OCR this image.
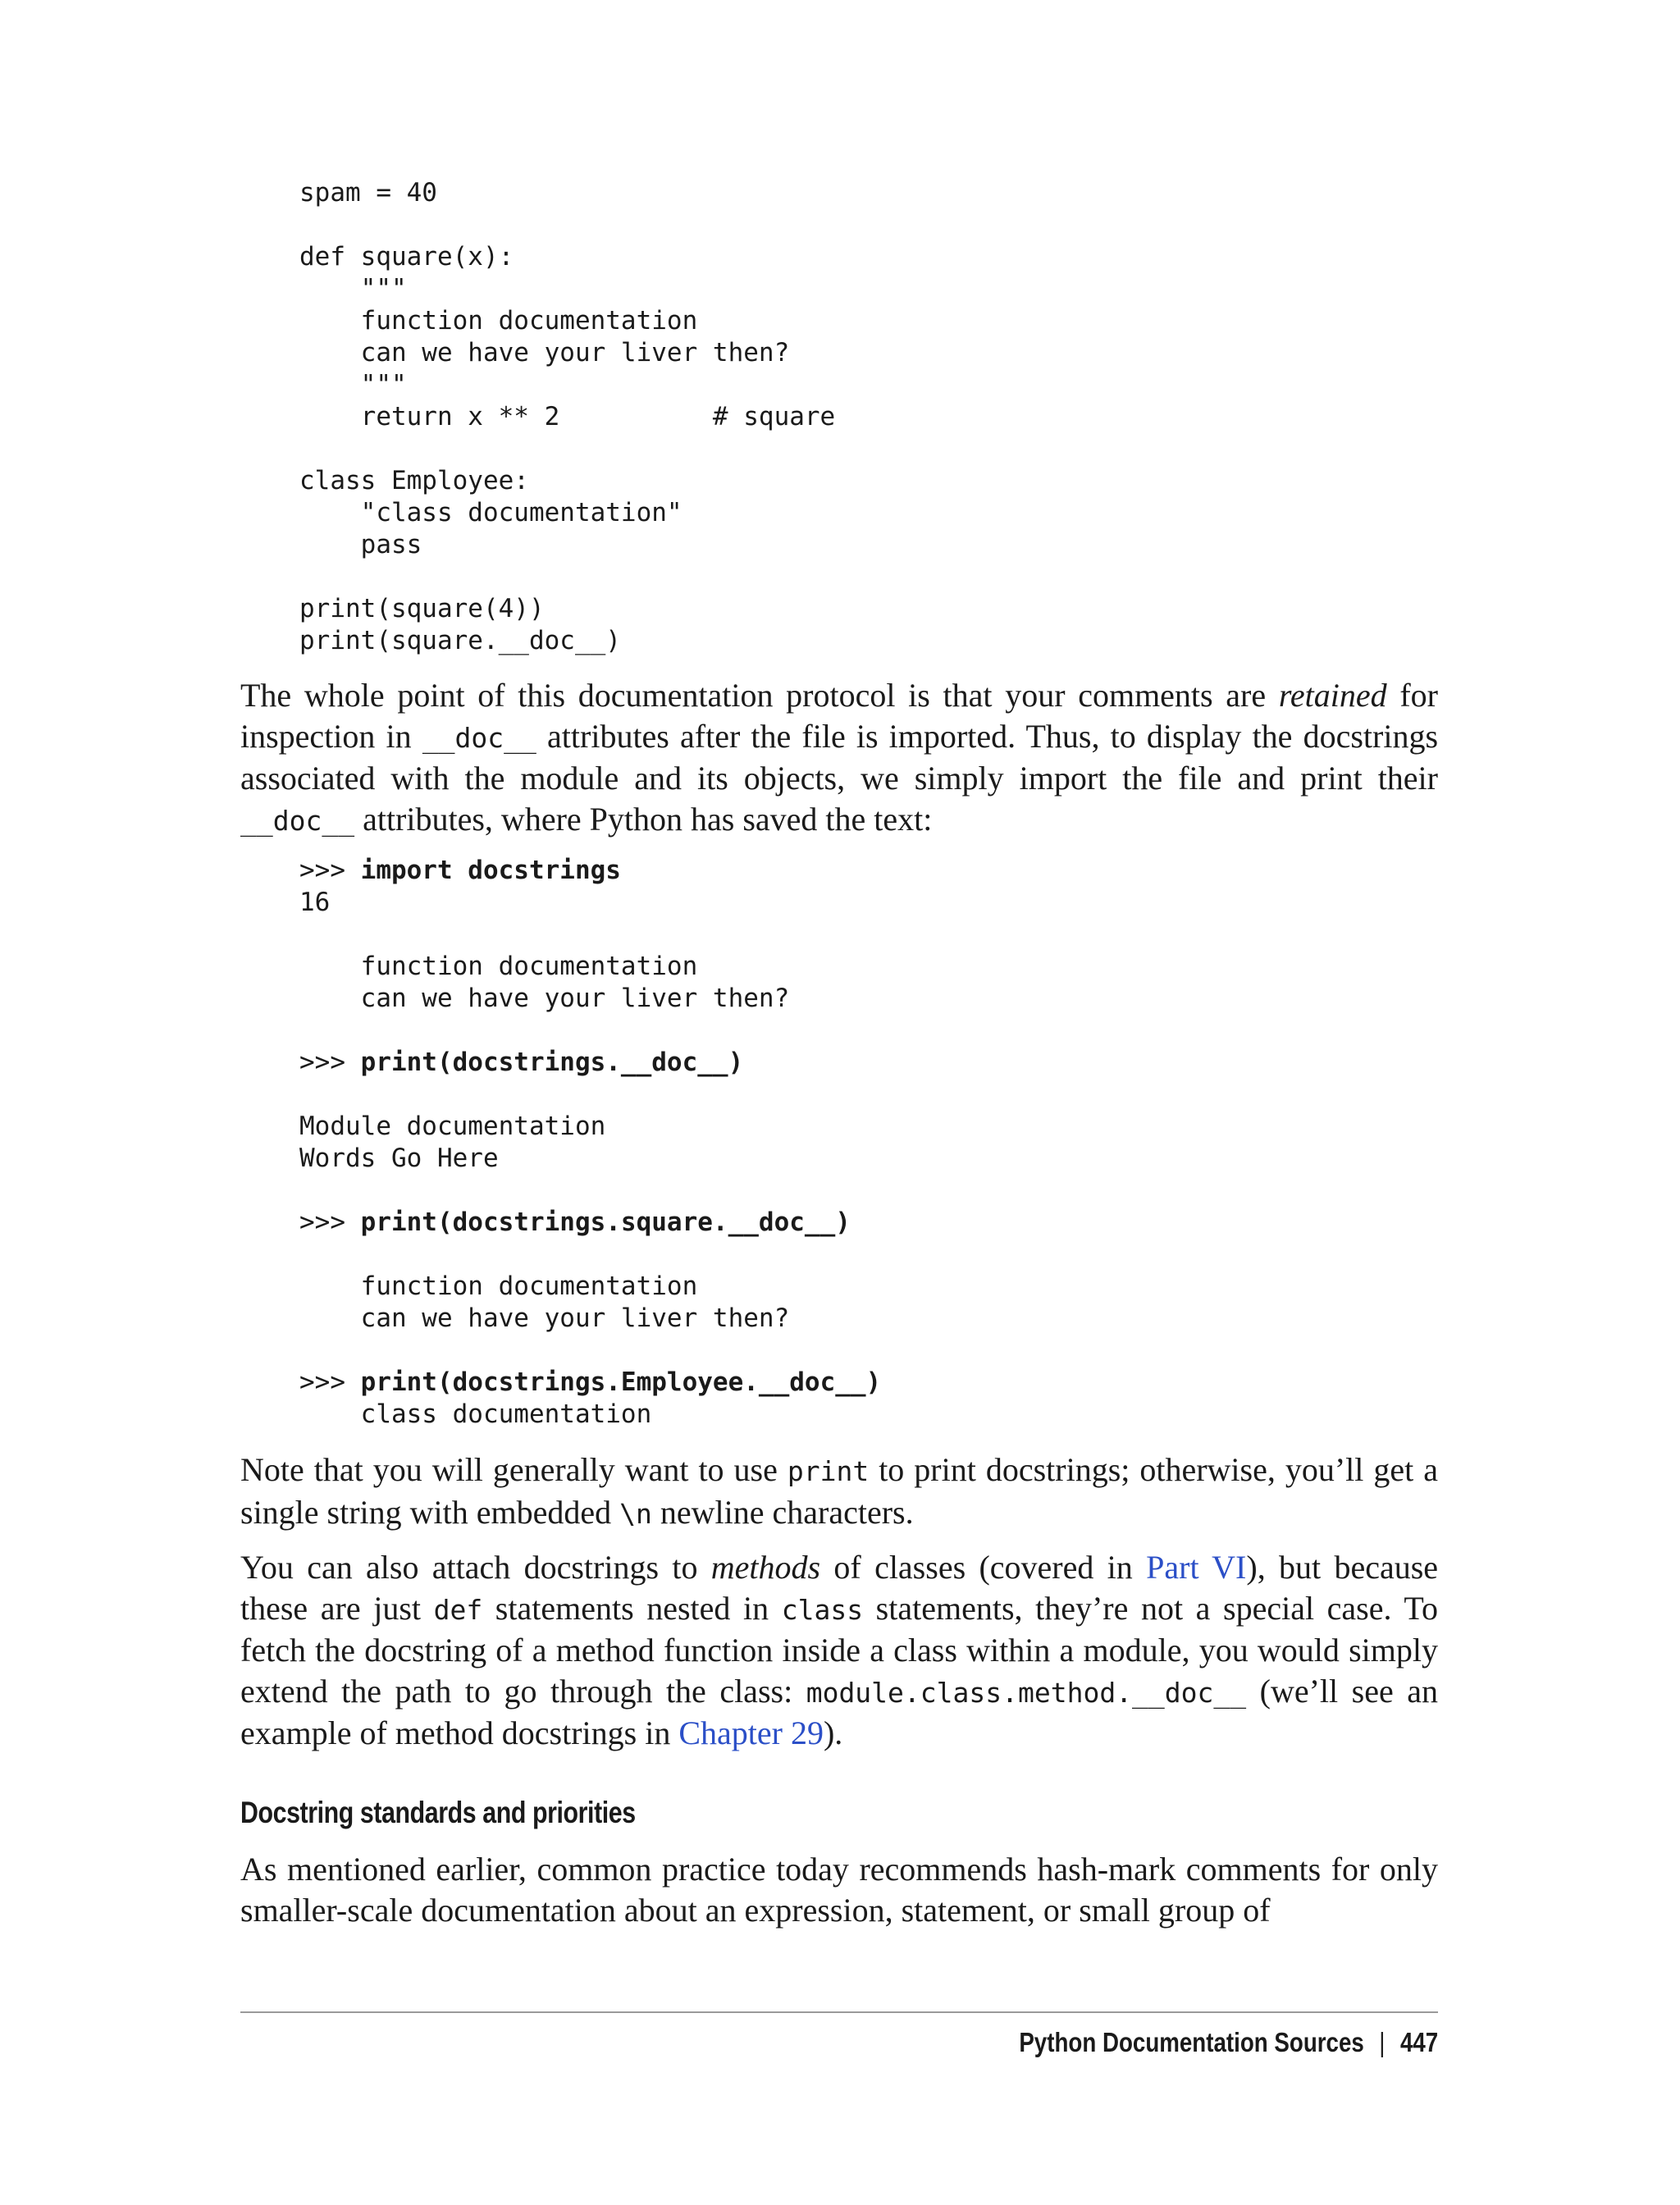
spam = 40
def square(x):
"""
function documentation
can we have your liver then?
"""
return x ** 2          # square
class Employee:
"class documentation"
pass
print(square(4))
print(square.__doc__)

The whole point of this documentation protocol is that your comments are retained for inspection in __doc__ attributes after the file is imported. Thus, to display the docstrings associated with the module and its objects, we simply import the file and print their __doc__ attributes, where Python has saved the text:

>>> import docstrings
16
function documentation
can we have your liver then?
>>> print(docstrings.__doc__)
Module documentation
Words Go Here
>>> print(docstrings.square.__doc__)
function documentation
can we have your liver then?
>>> print(docstrings.Employee.__doc__)
class documentation

Note that you will generally want to use print to print docstrings; otherwise, you’ll get a single string with embedded \n newline characters.

You can also attach docstrings to methods of classes (covered in Part VI), but because these are just def statements nested in class statements, they’re not a special case. To fetch the docstring of a method function inside a class within a module, you would simply extend the path to go through the class: module.class.method.__doc__ (we’ll see an example of method docstrings in Chapter 29).

Docstring standards and priorities

As mentioned earlier, common practice today recommends hash-mark comments for only smaller-scale documentation about an expression, statement, or small group of

Python Documentation Sources | 447
